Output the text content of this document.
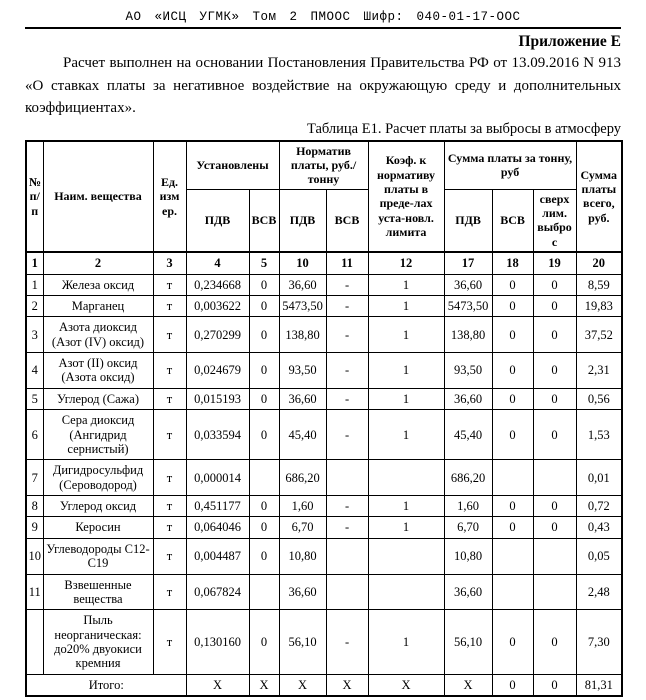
АО «ИСЦ УГМК» Том 2 ПМООС Шифр: 040-01-17-ООС
Приложение Е

Расчет выполнен на основании Постановления Правительства РФ от 13.09.2016 N 913 «О ставках платы за негативное воздействие на окружающую среду и дополнительных коэффициентах».

Таблица Е1. Расчет платы за выбросы в атмосферу
№ п/п	Наим. вещества	Ед. изм ер.	Установлены		Норматив платы, руб./тонну		Коэф. к нормативу платы в преде-лах уста-новл. лимита	Сумма платы за тонну, руб			Сумма платы всего, руб.
			ПДВ	ВСВ	ПДВ	ВСВ		ПДВ	ВСВ	сверх лим. выброс	
1	2	3	4	5	10	11	12	17	18	19	20
1	Железа оксид	т	0,234668	0	36,60	-	1	36,60	0	0	8,59
2	Марганец	т	0,003622	0	5473,50	-	1	5473,50	0	0	19,83
3	Азота диоксид (Азот (IV) оксид)	т	0,270299	0	138,80	-	1	138,80	0	0	37,52
4	Азот (II) оксид (Азота оксид)	т	0,024679	0	93,50	-	1	93,50	0	0	2,31
5	Углерод (Сажа)	т	0,015193	0	36,60	-	1	36,60	0	0	0,56
6	Сера диоксид (Ангидрид сернистый)	т	0,033594	0	45,40	-	1	45,40	0	0	1,53
7	Дигидросульфид (Сероводород)	т	0,000014		686,20			686,20			0,01
8	Углерод оксид	т	0,451177	0	1,60	-	1	1,60	0	0	0,72
9	Керосин	т	0,064046	0	6,70	-	1	6,70	0	0	0,43
10	Углеводороды С12-С19	т	0,004487	0	10,80			10,80			0,05
11	Взвешенные вещества	т	0,067824		36,60			36,60			2,48
	Пыль неорганическая: до20% двуокиси кремния	т	0,130160	0	56,10	-	1	56,10	0	0	7,30
Итого:			Х	Х	Х	Х	Х	Х	0	0	81,31
